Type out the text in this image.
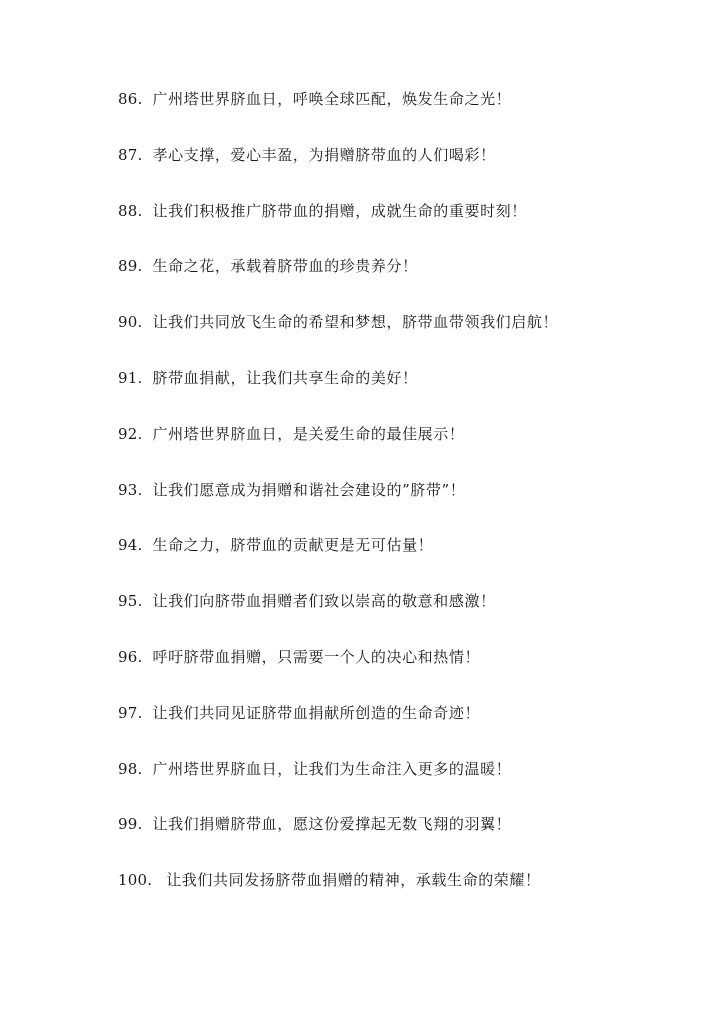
86. 广州塔世界脐血日，呼唤全球匹配，焕发生命之光！
87. 孝心支撑，爱心丰盈，为捐赠脐带血的人们喝彩！
88. 让我们积极推广脐带血的捐赠，成就生命的重要时刻！
89. 生命之花，承载着脐带血的珍贵养分！
90. 让我们共同放飞生命的希望和梦想，脐带血带领我们启航！
91. 脐带血捐献，让我们共享生命的美好！
92. 广州塔世界脐血日，是关爱生命的最佳展示！
93. 让我们愿意成为捐赠和谐社会建设的”脐带”！
94. 生命之力，脐带血的贡献更是无可估量！
95. 让我们向脐带血捐赠者们致以崇高的敬意和感激！
96. 呼吁脐带血捐赠，只需要一个人的决心和热情！
97. 让我们共同见证脐带血捐献所创造的生命奇迹！
98. 广州塔世界脐血日，让我们为生命注入更多的温暖！
99. 让我们捐赠脐带血，愿这份爱撑起无数飞翔的羽翼！
100. 让我们共同发扬脐带血捐赠的精神，承载生命的荣耀！
